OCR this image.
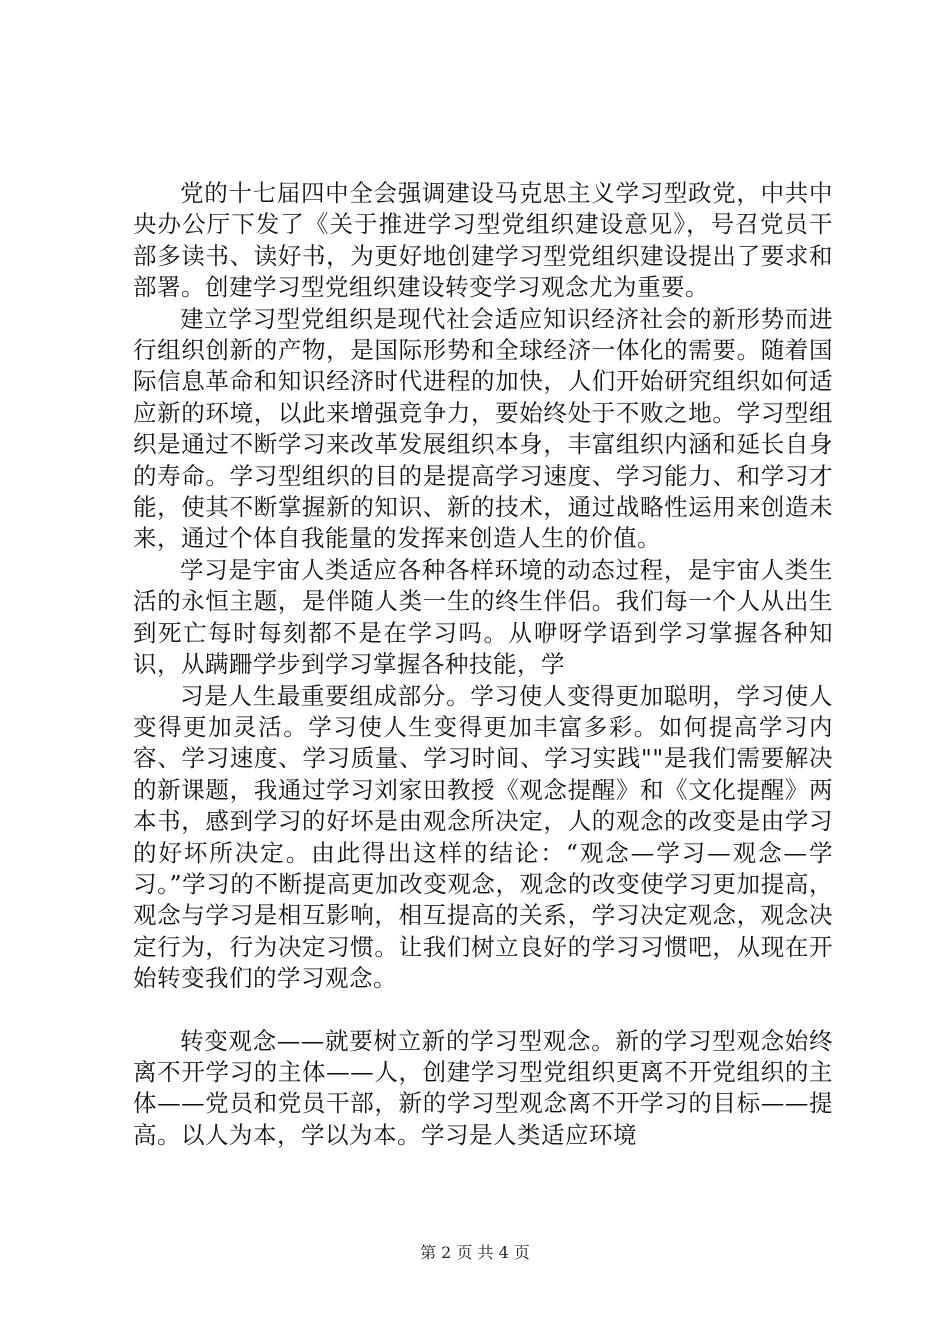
党的十七届四中全会强调建设马克思主义学习型政党，中共中央办公厅下发了《关于推进学习型党组织建设意见》，号召党员干部多读书、读好书，为更好地创建学习型党组织建设提出了要求和部署。创建学习型党组织建设转变学习观念尤为重要。

建立学习型党组织是现代社会适应知识经济社会的新形势而进行组织创新的产物，是国际形势和全球经济一体化的需要。随着国际信息革命和知识经济时代进程的加快，人们开始研究组织如何适应新的环境，以此来增强竞争力，要始终处于不败之地。学习型组织是通过不断学习来改革发展组织本身，丰富组织内涵和延长自身的寿命。学习型组织的目的是提高学习速度、学习能力、和学习才能，使其不断掌握新的知识、新的技术，通过战略性运用来创造未来，通过个体自我能量的发挥来创造人生的价值。

学习是宇宙人类适应各种各样环境的动态过程，是宇宙人类生活的永恒主题，是伴随人类一生的终生伴侣。我们每一个人从出生到死亡每时每刻都不是在学习吗。从咿呀学语到学习掌握各种知识，从蹒跚学步到学习掌握各种技能，学

习是人生最重要组成部分。学习使人变得更加聪明，学习使人变得更加灵活。学习使人生变得更加丰富多彩。如何提高学习内容、学习速度、学习质量、学习时间、学习实践""是我们需要解决的新课题，我通过学习刘家田教授《观念提醒》和《文化提醒》两本书，感到学习的好坏是由观念所决定，人的观念的改变是由学习的好坏所决定。由此得出这样的结论：“观念—学习—观念—学习。”学习的不断提高更加改变观念，观念的改变使学习更加提高，观念与学习是相互影响，相互提高的关系，学习决定观念，观念决定行为，行为决定习惯。让我们树立良好的学习习惯吧，从现在开始转变我们的学习观念。

转变观念——就要树立新的学习型观念。新的学习型观念始终离不开学习的主体——人，创建学习型党组织更离不开党组织的主体——党员和党员干部，新的学习型观念离不开学习的目标——提高。以人为本，学以为本。学习是人类适应环境

第 2 页 共 4 页
